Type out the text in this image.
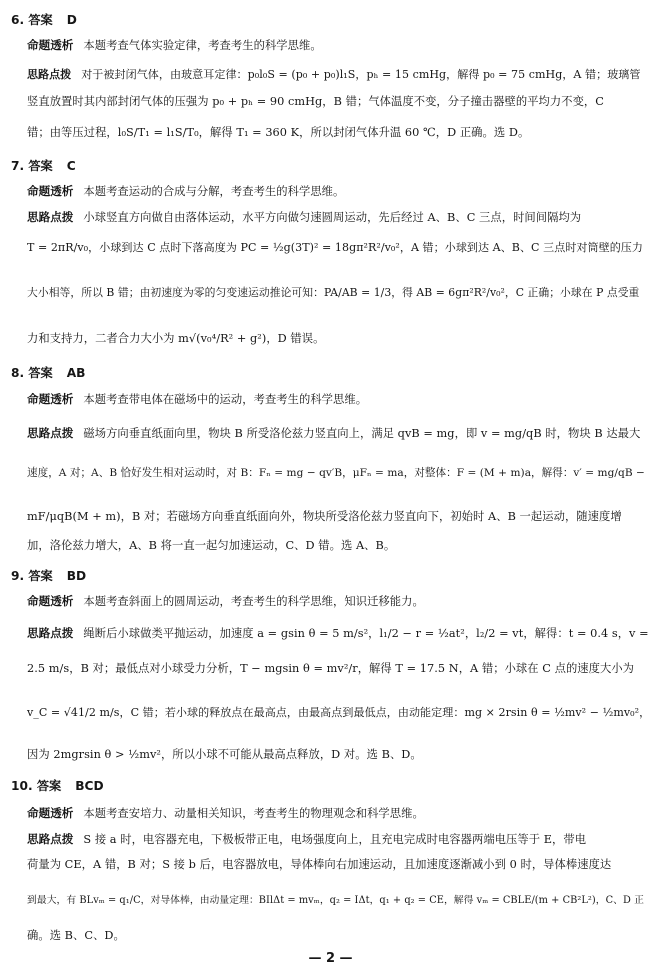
6. 答案 D
命题透析 本题考查气体实验定律，考查考生的科学思维。
思路点拨 对于被封闭气体，由玻意耳定律：p₀l₀S = (p₀ + p₀)l₁S，pₕ = 15 cmHg，解得 p₀ = 75 cmHg，A 错；玻璃管
竖直放置时其内部封闭气体的压强为 p₀ + pₕ = 90 cmHg，B 错；气体温度不变，分子撞击器壁的平均力不变，C
错；由等压过程，l₀S/T₁ = l₁S/T₀，解得 T₁ = 360 K，所以封闭气体升温 60 ℃，D 正确。选 D。
7. 答案 C
命题透析 本题考查运动的合成与分解，考查考生的科学思维。
思路点拨 小球竖直方向做自由落体运动，水平方向做匀速圆周运动，先后经过 A、B、C 三点，时间间隔均为
T = 2πR/v₀，小球到达 C 点时下落高度为 PC = ½g(3T)² = 18gπ²R²/v₀²，A 错；小球到达 A、B、C 三点时对筒壁的压力
大小相等，所以 B 错；由初速度为零的匀变速运动推论可知：PA/AB = 1/3，得 AB = 6gπ²R²/v₀²，C 正确；小球在 P 点受重
力和支持力，二者合力大小为 m√(v₀⁴/R² + g²)，D 错误。
8. 答案 AB
命题透析 本题考查带电体在磁场中的运动，考查考生的科学思维。
思路点拨 磁场方向垂直纸面向里，物块 B 所受洛伦兹力竖直向上，满足 qvB = mg，即 v = mg/qB 时，物块 B 达最大
速度，A 对；A、B 恰好发生相对运动时，对 B：Fₙ = mg − qv′B，μFₙ = ma，对整体：F = (M + m)a，解得：v′ = mg/qB −
mF/μqB(M + m)，B 对；若磁场方向垂直纸面向外，物块所受洛伦兹力竖直向下，初始时 A、B 一起运动，随速度增
加，洛伦兹力增大，A、B 将一直一起匀加速运动，C、D 错。选 A、B。
9. 答案 BD
命题透析 本题考查斜面上的圆周运动，考查考生的科学思维，知识迁移能力。
思路点拨 绳断后小球做类平抛运动，加速度 a = gsin θ = 5 m/s²，l₁/2 − r = ½at²，l₂/2 = vt，解得：t = 0.4 s，v =
2.5 m/s，B 对；最低点对小球受力分析，T − mgsin θ = mv²/r，解得 T = 17.5 N，A 错；小球在 C 点的速度大小为
v_C = √41/2 m/s，C 错；若小球的释放点在最高点，由最高点到最低点，由动能定理：mg × 2rsin θ = ½mv² − ½mv₀²，
因为 2mgrsin θ > ½mv²，所以小球不可能从最高点释放，D 对。选 B、D。
10. 答案 BCD
命题透析 本题考查安培力、动量相关知识，考查考生的物理观念和科学思维。
思路点拨 S 接 a 时，电容器充电，下极板带正电，电场强度向上，且充电完成时电容器两端电压等于 E，带电
荷量为 CE，A 错，B 对；S 接 b 后，电容器放电，导体棒向右加速运动，且加速度逐渐减小到 0 时，导体棒速度达
到最大，有 BLvₘ = q₁/C，对导体棒，由动量定理：BIlΔt = mvₘ，q₂ = IΔt，q₁ + q₂ = CE，解得 vₘ = CBLE/(m + CB²L²)，C、D 正
确。选 B、C、D。
— 2 —
